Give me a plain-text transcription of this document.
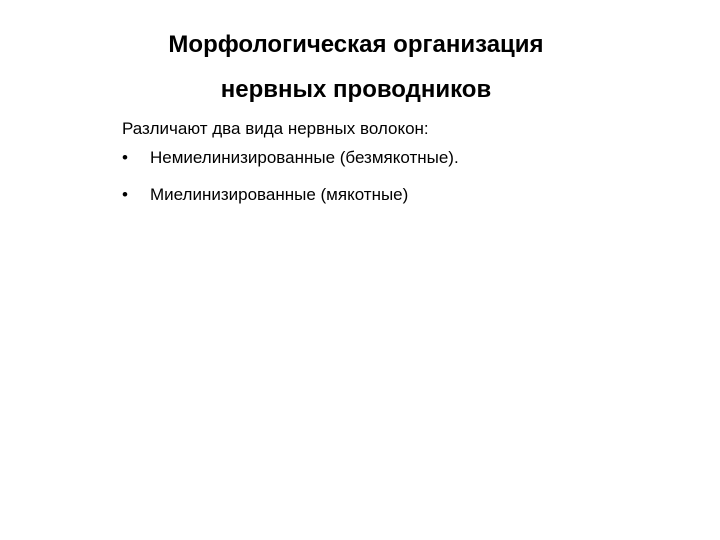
Морфологическая организация
нервных проводников

Различают два вида нервных волокон:

• Немиелинизированные (безмякотные).
• Миелинизированные (мякотные)
